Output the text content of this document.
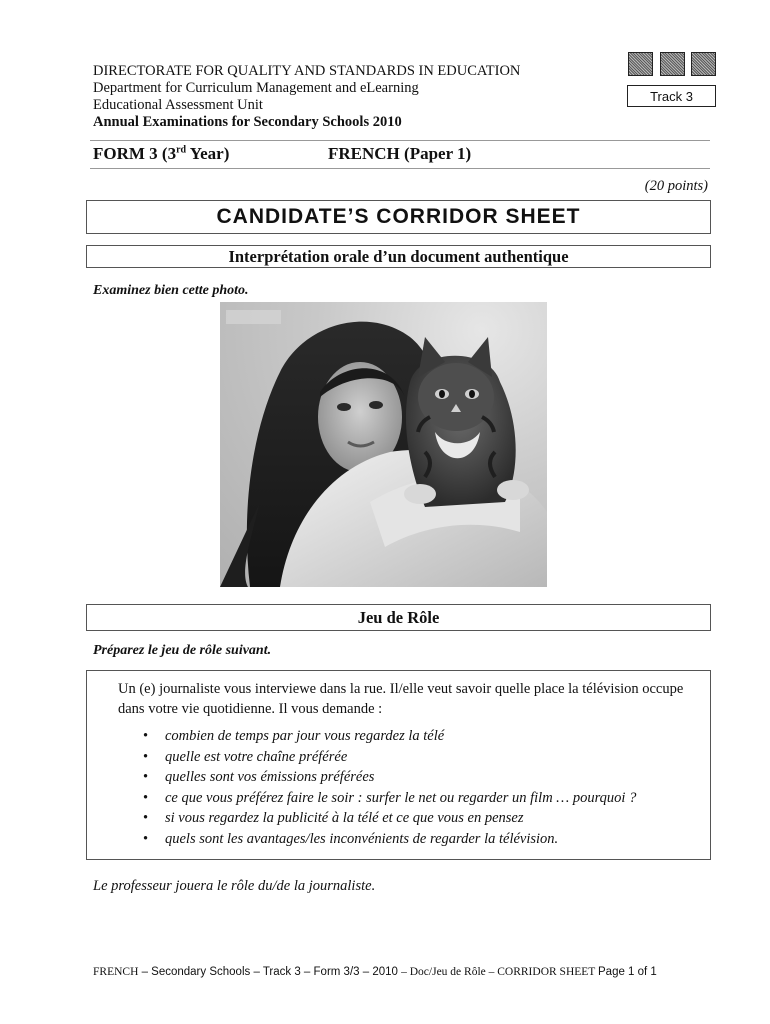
DIRECTORATE FOR QUALITY AND STANDARDS IN EDUCATION
Department for Curriculum Management and eLearning
Educational Assessment Unit
Annual Examinations for Secondary Schools 2010
Track 3
FORM 3 (3rd Year)	FRENCH (Paper 1)
(20 points)
CANDIDATE’S CORRIDOR SHEET
Interprétation orale d’un document authentique
Examinez bien cette photo.
Jeu de Rôle
Préparez le jeu de rôle suivant.
Un (e) journaliste vous interviewe dans la rue. Il/elle veut savoir quelle place la télévision occupe dans votre vie quotidienne. Il vous demande :
• combien de temps par jour vous regardez la télé
• quelle est votre chaîne préférée
• quelles sont vos émissions préférées
• ce que vous préférez faire le soir : surfer le net ou regarder un film … pourquoi ?
• si vous regardez la publicité à la télé et ce que vous en pensez
• quels sont les avantages/les inconvénients de regarder la télévision.
Le professeur jouera le rôle du/de la journaliste.
FRENCH – Secondary Schools – Track 3 – Form 3/3 – 2010 – Doc/Jeu de Rôle – CORRIDOR SHEET Page 1 of 1
